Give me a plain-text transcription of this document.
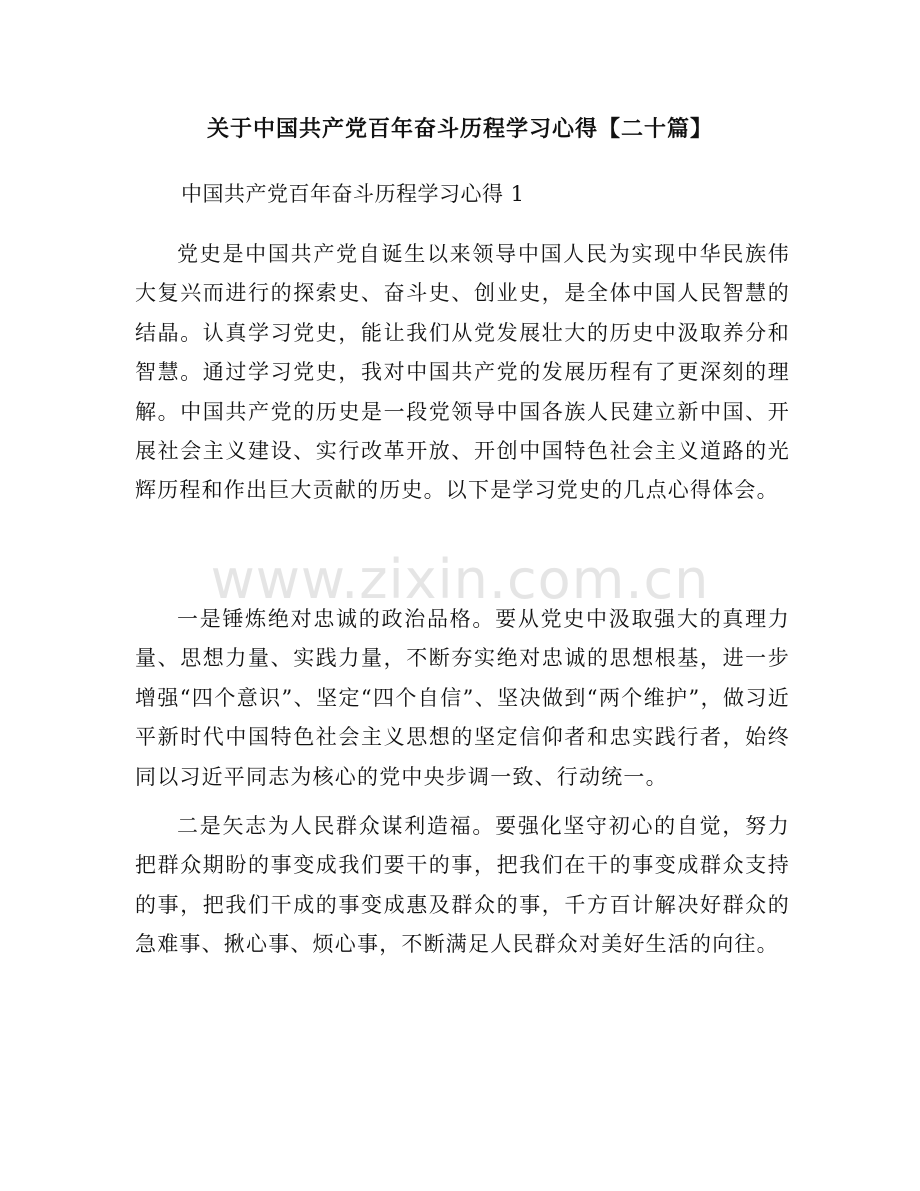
关于中国共产党百年奋斗历程学习心得【二十篇】

中国共产党百年奋斗历程学习心得 1

党史是中国共产党自诞生以来领导中国人民为实现中华民族伟大复兴而进行的探索史、奋斗史、创业史，是全体中国人民智慧的结晶。认真学习党史，能让我们从党发展壮大的历史中汲取养分和智慧。通过学习党史，我对中国共产党的发展历程有了更深刻的理解。中国共产党的历史是一段党领导中国各族人民建立新中国、开展社会主义建设、实行改革开放、开创中国特色社会主义道路的光辉历程和作出巨大贡献的历史。以下是学习党史的几点心得体会。

一是锤炼绝对忠诚的政治品格。要从党史中汲取强大的真理力量、思想力量、实践力量，不断夯实绝对忠诚的思想根基，进一步增强“四个意识”、坚定“四个自信”、坚决做到“两个维护”，做习近平新时代中国特色社会主义思想的坚定信仰者和忠实践行者，始终同以习近平同志为核心的党中央步调一致、行动统一。

二是矢志为人民群众谋利造福。要强化坚守初心的自觉，努力把群众期盼的事变成我们要干的事，把我们在干的事变成群众支持的事，把我们干成的事变成惠及群众的事，千方百计解决好群众的急难事、揪心事、烦心事，不断满足人民群众对美好生活的向往。

www.zixin.com.cn
